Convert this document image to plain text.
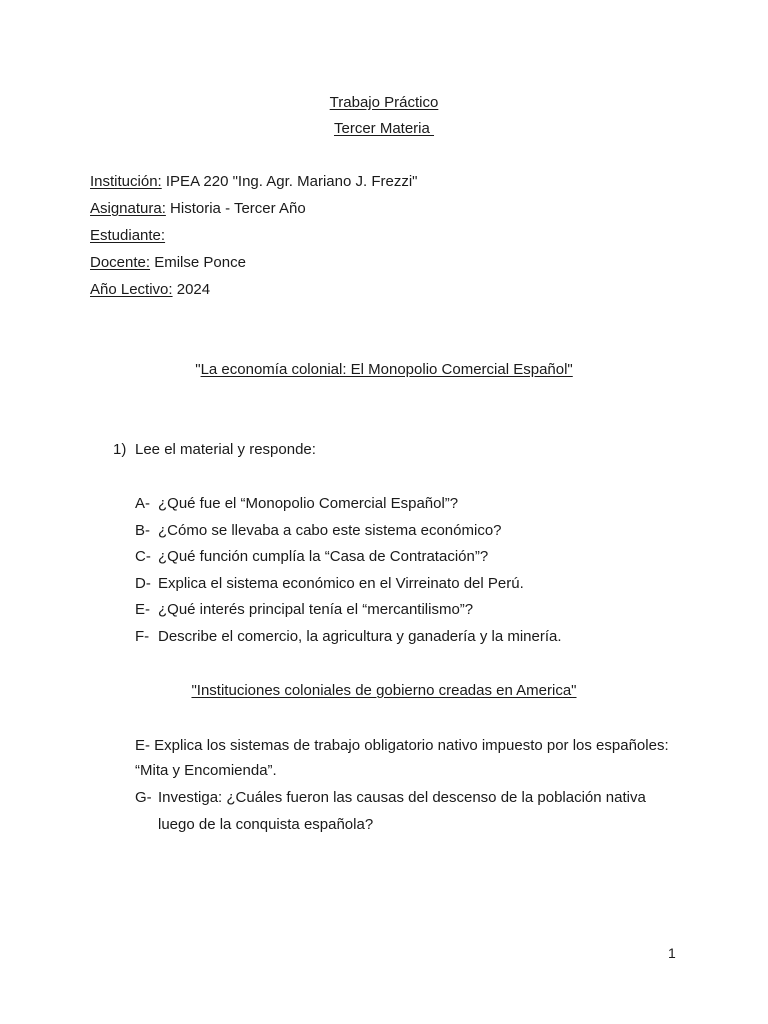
Trabajo Práctico
Tercer Materia
Institución: IPEA 220 "Ing. Agr. Mariano J. Frezzi"
Asignatura: Historia - Tercer Año
Estudiante:
Docente: Emilse Ponce
Año Lectivo: 2024
"La economía colonial: El Monopolio Comercial Español"
1) Lee el material y responde:
A- ¿Qué fue el “Monopolio Comercial Español”?
B- ¿Cómo se llevaba a cabo este sistema económico?
C- ¿Qué función cumplía la “Casa de Contratación”?
D- Explica el sistema económico en el Virreinato del Perú.
E- ¿Qué interés principal tenía el “mercantilismo”?
F- Describe el comercio, la agricultura y ganadería y la minería.
"Instituciones coloniales de gobierno creadas en America"
E- Explica los sistemas de trabajo obligatorio nativo impuesto por los españoles:
“Mita y Encomienda”.
G- Investiga: ¿Cuáles fueron las causas del descenso de la población nativa
luego de la conquista española?
1
